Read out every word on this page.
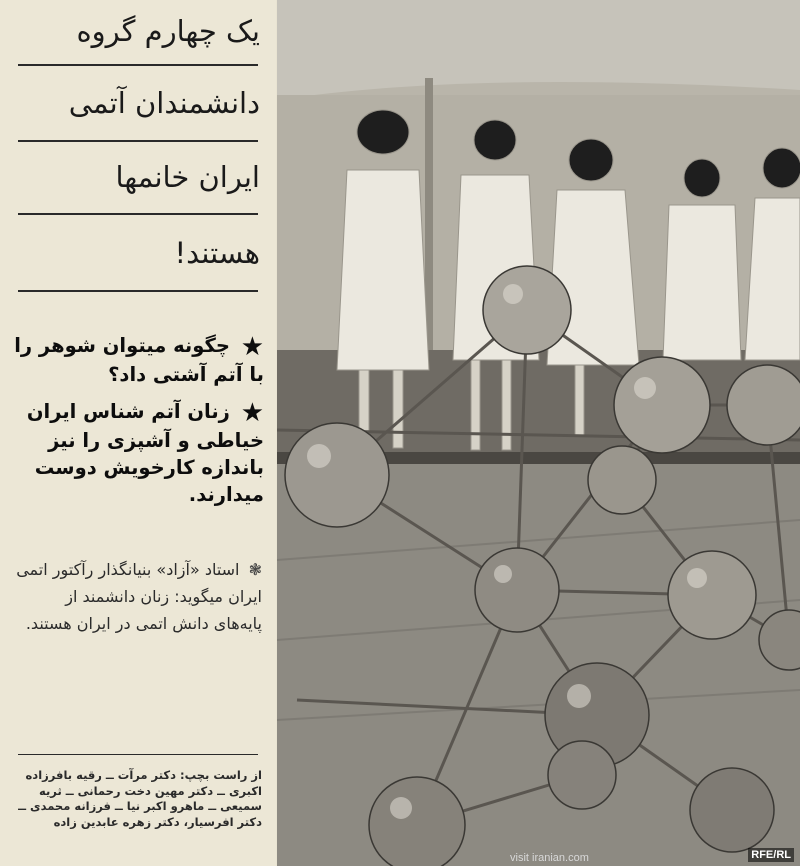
یک چهارم گروه
دانشمندان آتمی
ایران خانمها
هستند!
★ چگونه میتوان شوهر را با آتم آشتی داد؟
★ زنان آتم شناس ایران خیاطی و آشپزی را نیز باندازه کارخویش دوست میدارند.
❃ استاد «آزاد» بنیانگذار رآکتور اتمی ایران میگوید: زنان دانشمند از پایه‌های دانش اتمی در ایران هستند.
از راست بچپ: دکتر مرآت ــ رقیه بافرزاده اکبری ــ دکتر مهین دخت رحمانی ــ ثریه سمیعی ــ ماهرو اکبر نیا ــ فرزانه محمدی ــ دکتر افرسیار، دکتر زهره عابدین زاده
visit iranian.com	RFE/RL
